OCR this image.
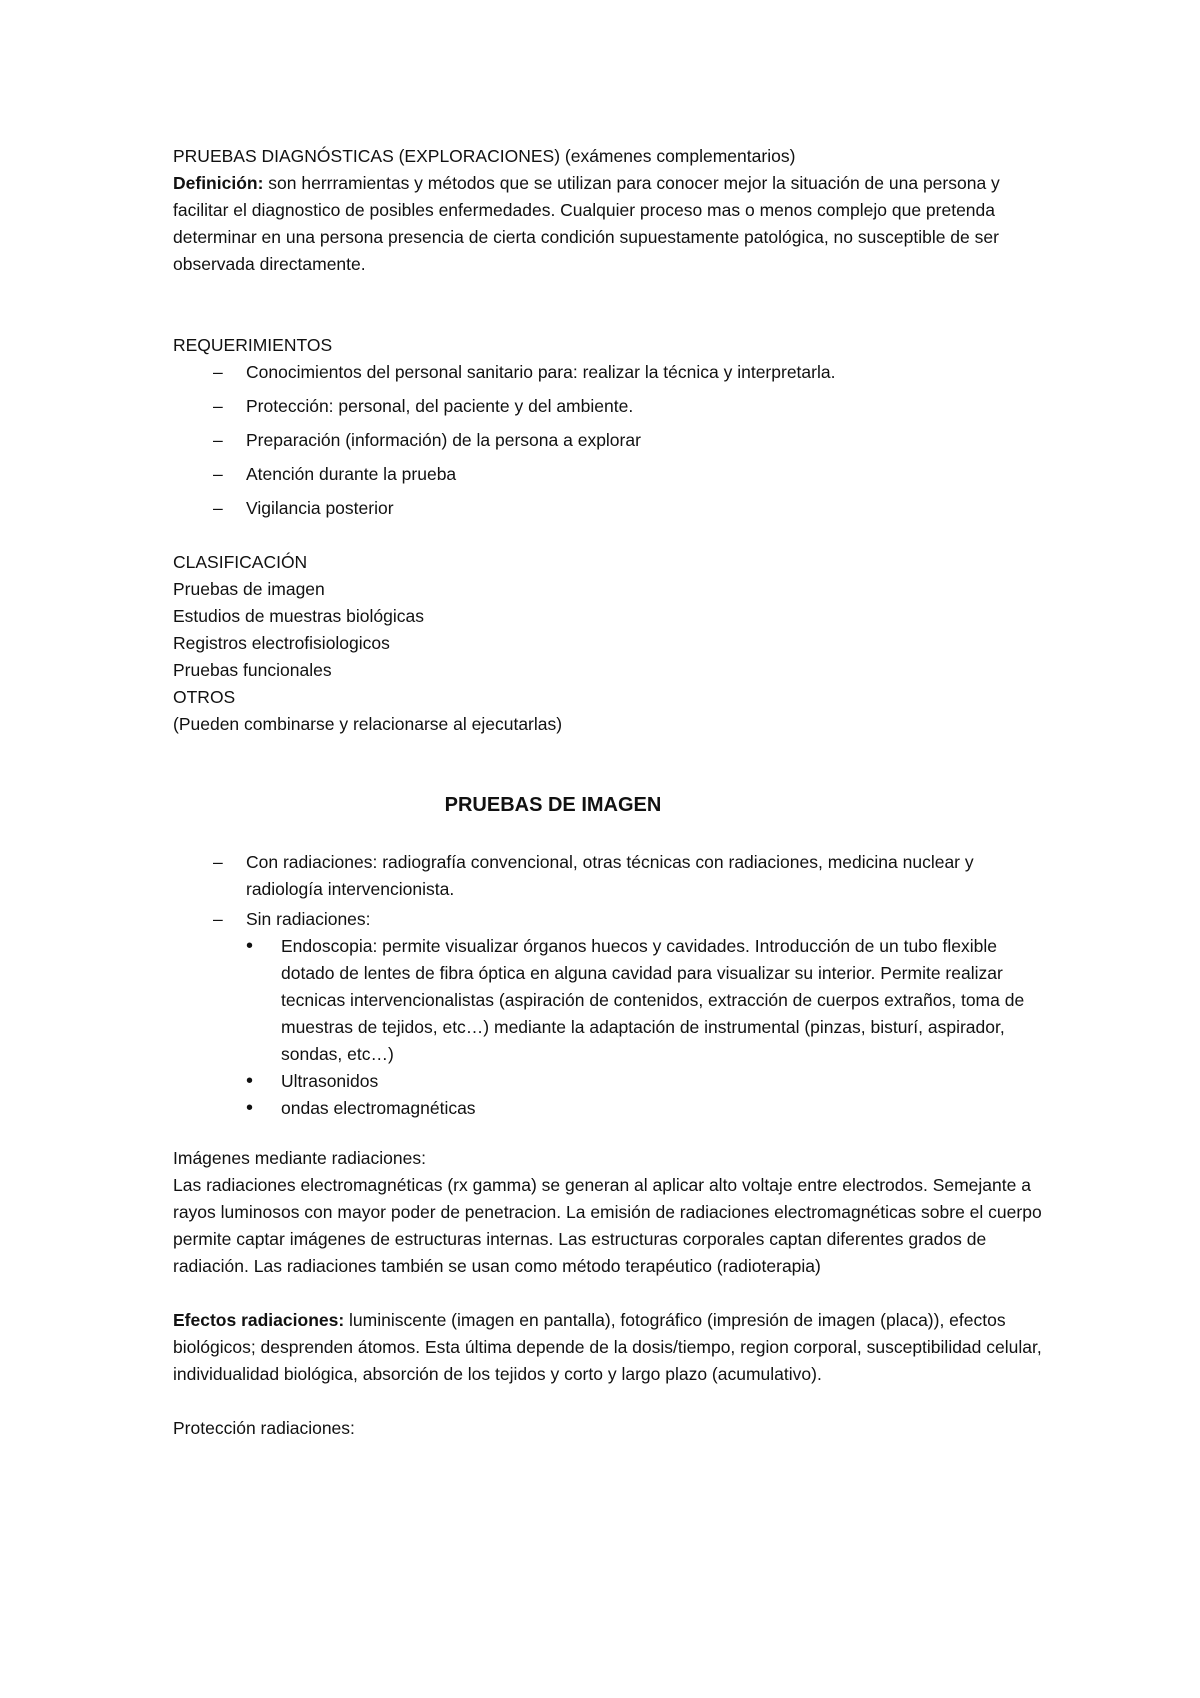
PRUEBAS DIAGNÓSTICAS (EXPLORACIONES) (exámenes complementarios)

Definición: son herrramientas y métodos que se utilizan para conocer mejor la situación de una persona y facilitar el diagnostico de posibles enfermedades. Cualquier proceso mas o menos complejo que pretenda determinar en una persona presencia de cierta condición supuestamente patológica, no susceptible de ser observada directamente.

REQUERIMIENTOS

– Conocimientos del personal sanitario para: realizar la técnica y interpretarla.
– Protección: personal, del paciente y del ambiente.
– Preparación (información) de la persona a explorar
– Atención durante la prueba
– Vigilancia posterior

CLASIFICACIÓN

Pruebas de imagen

Estudios de muestras biológicas

Registros electrofisiologicos

Pruebas funcionales

OTROS

(Pueden combinarse y relacionarse al ejecutarlas)

PRUEBAS DE IMAGEN

– Con radiaciones: radiografía convencional, otras técnicas con radiaciones, medicina nuclear y radiología intervencionista.
– Sin radiaciones:
• Endoscopia: permite visualizar órganos huecos y cavidades. Introducción de un tubo flexible dotado de lentes de fibra óptica en alguna cavidad para visualizar su interior. Permite realizar tecnicas intervencionalistas (aspiración de contenidos, extracción de cuerpos extraños, toma de muestras de tejidos, etc…) mediante la adaptación de instrumental (pinzas, bisturí, aspirador, sondas, etc…)
• Ultrasonidos
• ondas electromagnéticas

Imágenes mediante radiaciones:

Las radiaciones electromagnéticas (rx gamma) se generan al aplicar alto voltaje entre electrodos. Semejante a rayos luminosos con mayor poder de penetracion. La emisión de radiaciones electromagnéticas sobre el cuerpo permite captar imágenes de estructuras internas. Las estructuras corporales captan diferentes grados de radiación. Las radiaciones también se usan como método terapéutico (radioterapia)

Efectos radiaciones: luminiscente (imagen en pantalla), fotográfico (impresión de imagen (placa)), efectos biológicos; desprenden átomos. Esta última depende de la dosis/tiempo, region corporal, susceptibilidad celular, individualidad biológica, absorción de los tejidos y corto y largo plazo (acumulativo).

Protección radiaciones:
